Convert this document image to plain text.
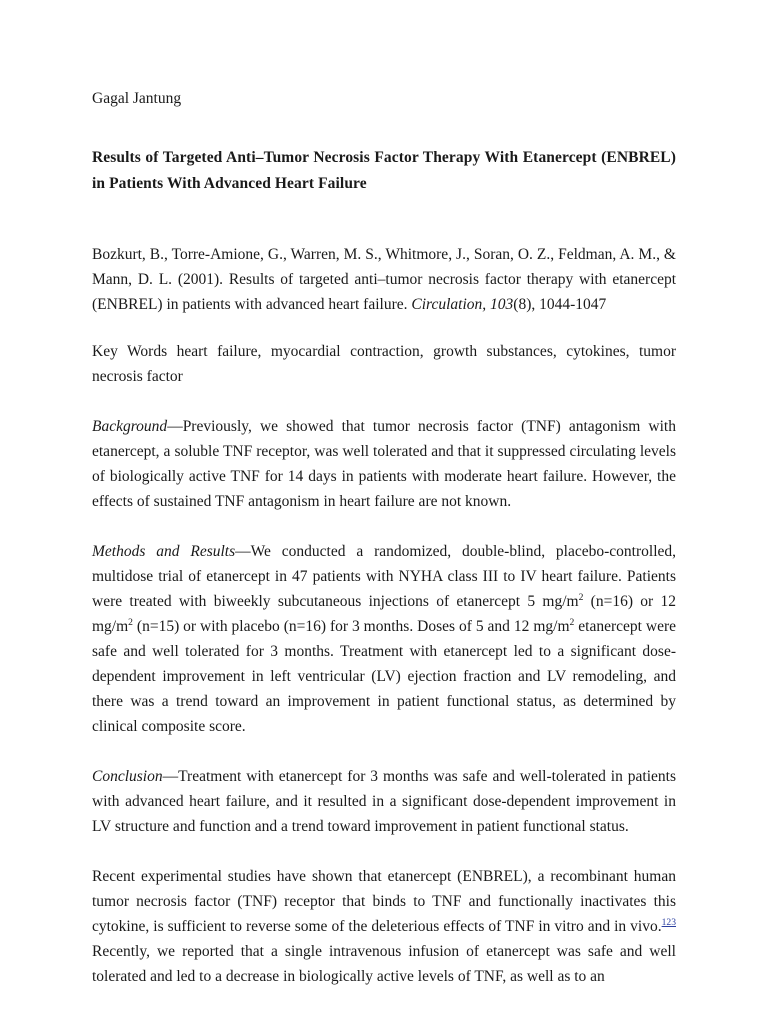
Gagal Jantung

Results of Targeted Anti–Tumor Necrosis Factor Therapy With Etanercept (ENBREL) in Patients With Advanced Heart Failure

Bozkurt, B., Torre-Amione, G., Warren, M. S., Whitmore, J., Soran, O. Z., Feldman, A. M., & Mann, D. L. (2001). Results of targeted anti–tumor necrosis factor therapy with etanercept (ENBREL) in patients with advanced heart failure. Circulation, 103(8), 1044-1047

Key Words heart failure, myocardial contraction, growth substances, cytokines, tumor necrosis factor

Background—Previously, we showed that tumor necrosis factor (TNF) antagonism with etanercept, a soluble TNF receptor, was well tolerated and that it suppressed circulating levels of biologically active TNF for 14 days in patients with moderate heart failure. However, the effects of sustained TNF antagonism in heart failure are not known.

Methods and Results—We conducted a randomized, double-blind, placebo-controlled, multidose trial of etanercept in 47 patients with NYHA class III to IV heart failure. Patients were treated with biweekly subcutaneous injections of etanercept 5 $mg/m^2$ (n=16) or 12 $mg/m^2$ (n=15) or with placebo (n=16) for 3 months. Doses of 5 and 12 $mg/m^2$ etanercept were safe and well tolerated for 3 months. Treatment with etanercept led to a significant dose-dependent improvement in left ventricular (LV) ejection fraction and LV remodeling, and there was a trend toward an improvement in patient functional status, as determined by clinical composite score.

Conclusion—Treatment with etanercept for 3 months was safe and well-tolerated in patients with advanced heart failure, and it resulted in a significant dose-dependent improvement in LV structure and function and a trend toward improvement in patient functional status.

Recent experimental studies have shown that etanercept (ENBREL), a recombinant human tumor necrosis factor (TNF) receptor that binds to TNF and functionally inactivates this cytokine, is sufficient to reverse some of the deleterious effects of TNF in vitro and in vivo.$^{123}$ Recently, we reported that a single intravenous infusion of etanercept was safe and well tolerated and led to a decrease in biologically active levels of TNF, as well as to an
